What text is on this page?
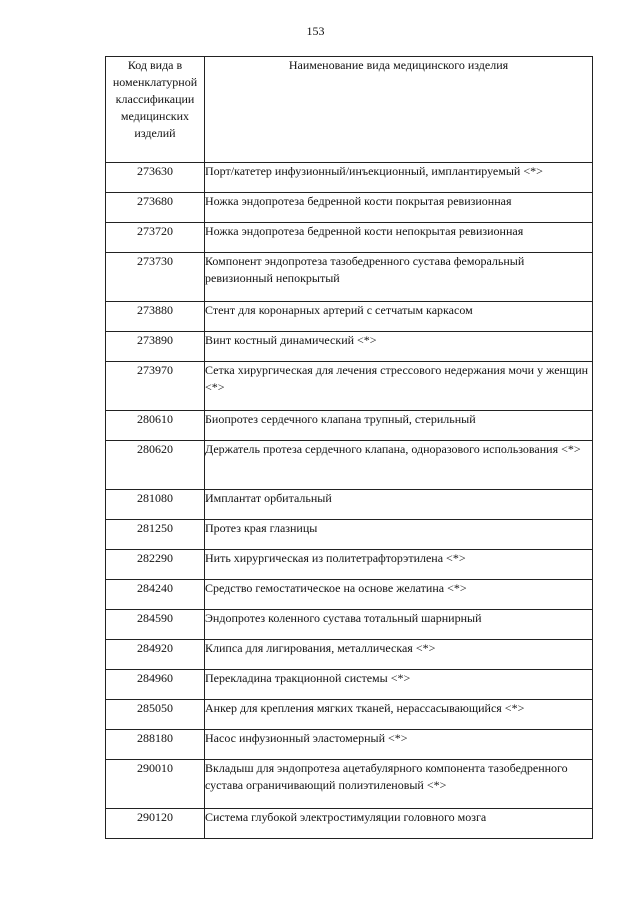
153
Код вида в номенклатурной классификации медицинских изделий	Наименование вида медицинского изделия
273630	Порт/катетер инфузионный/инъекционный, имплантируемый <*>
273680	Ножка эндопротеза бедренной кости покрытая ревизионная
273720	Ножка эндопротеза бедренной кости непокрытая ревизионная
273730	Компонент эндопротеза тазобедренного сустава феморальный ревизионный непокрытый
273880	Стент для коронарных артерий с сетчатым каркасом
273890	Винт костный динамический <*>
273970	Сетка хирургическая для лечения стрессового недержания мочи у женщин <*>
280610	Биопротез сердечного клапана трупный, стерильный
280620	Держатель протеза сердечного клапана, одноразового использования <*>
281080	Имплантат орбитальный
281250	Протез края глазницы
282290	Нить хирургическая из политетрафторэтилена <*>
284240	Средство гемостатическое на основе желатина <*>
284590	Эндопротез коленного сустава тотальный шарнирный
284920	Клипса для лигирования, металлическая <*>
284960	Перекладина тракционной системы <*>
285050	Анкер для крепления мягких тканей, нерассасывающийся <*>
288180	Насос инфузионный эластомерный <*>
290010	Вкладыш для эндопротеза ацетабулярного компонента тазобедренного сустава ограничивающий полиэтиленовый <*>
290120	Система глубокой электростимуляции головного мозга
